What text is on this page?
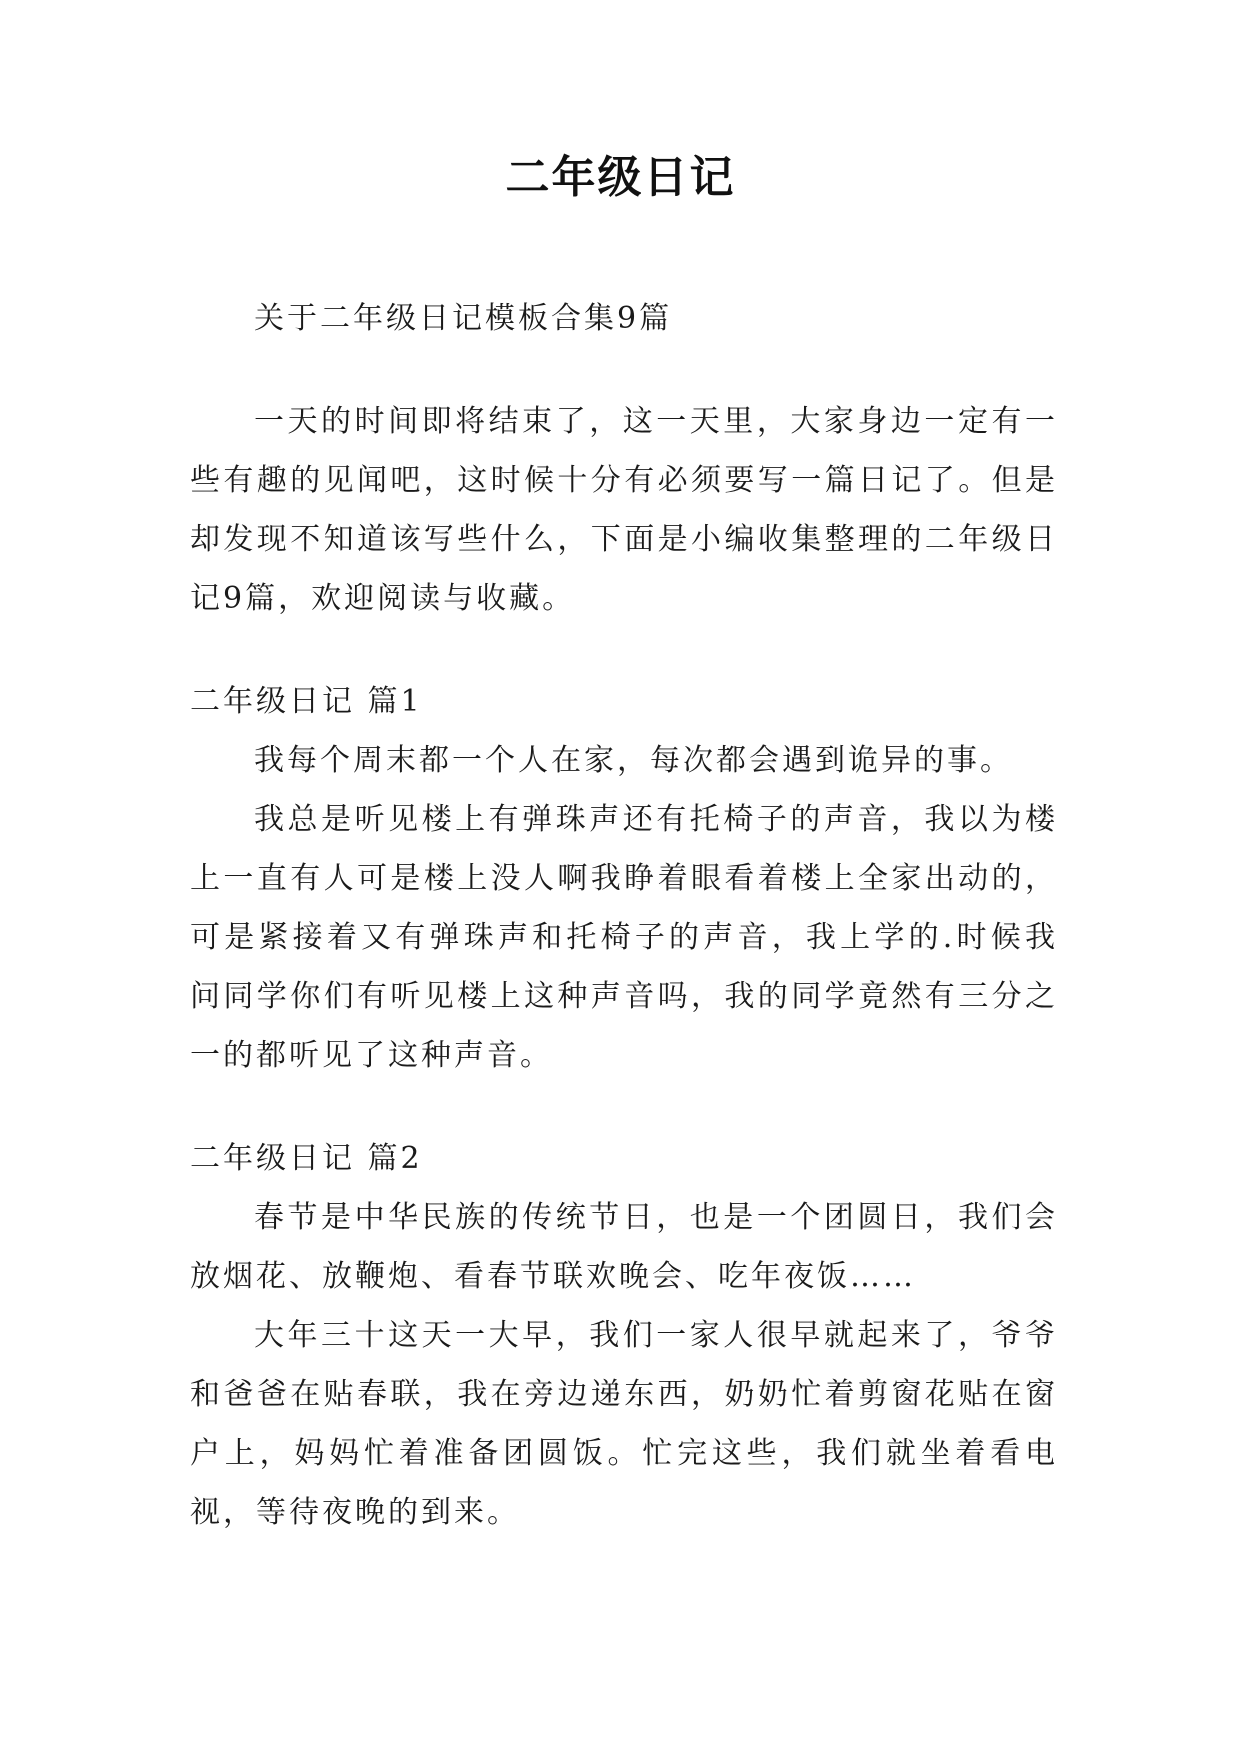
二年级日记

关于二年级日记模板合集9篇

一天的时间即将结束了，这一天里，大家身边一定有一些有趣的见闻吧，这时候十分有必须要写一篇日记了。但是却发现不知道该写些什么，下面是小编收集整理的二年级日记9篇，欢迎阅读与收藏。

二年级日记 篇1

我每个周末都一个人在家，每次都会遇到诡异的事。

我总是听见楼上有弹珠声还有托椅子的声音，我以为楼上一直有人可是楼上没人啊我睁着眼看着楼上全家出动的，可是紧接着又有弹珠声和托椅子的声音，我上学的.时候我问同学你们有听见楼上这种声音吗，我的同学竟然有三分之一的都听见了这种声音。

二年级日记 篇2

春节是中华民族的传统节日，也是一个团圆日，我们会放烟花、放鞭炮、看春节联欢晚会、吃年夜饭……

大年三十这天一大早，我们一家人很早就起来了，爷爷和爸爸在贴春联，我在旁边递东西，奶奶忙着剪窗花贴在窗户上，妈妈忙着准备团圆饭。忙完这些，我们就坐着看电视，等待夜晚的到来。
